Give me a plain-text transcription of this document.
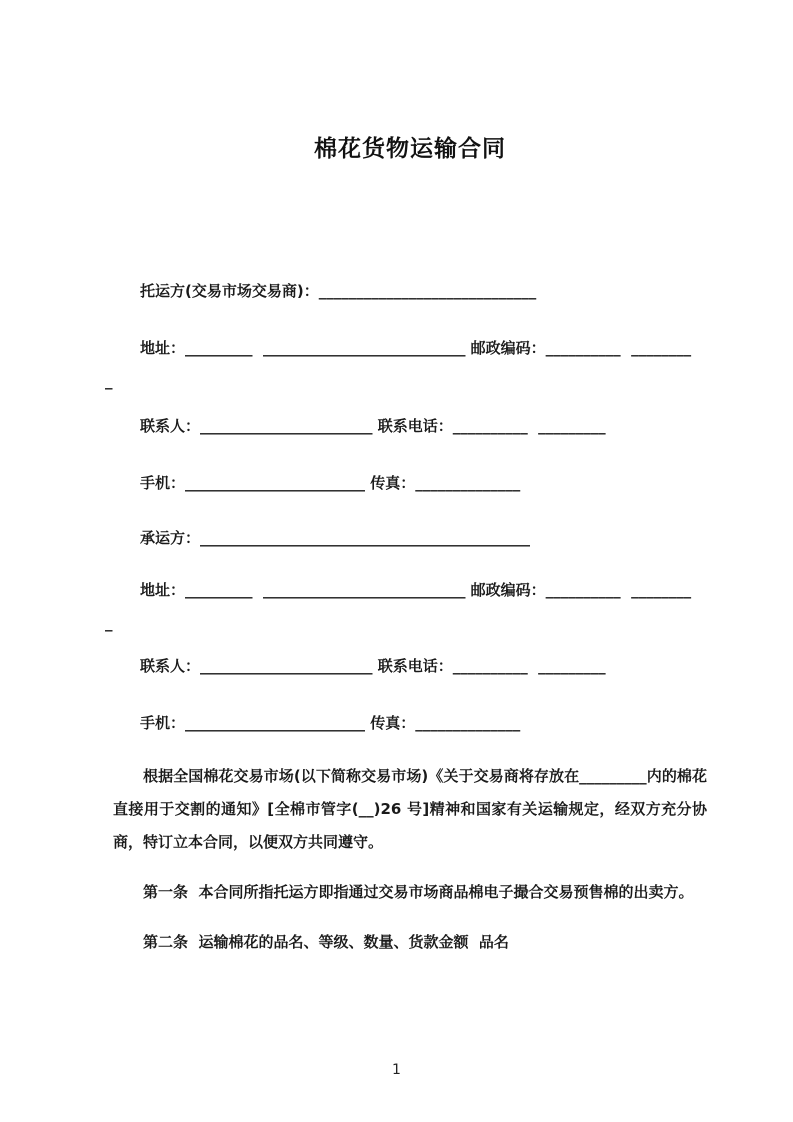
棉花货物运输合同
托运方(交易市场交易商)：_____________________________
地址：_________  ___________________________ 邮政编码：__________  ________
_
联系人：_______________________ 联系电话：__________  _________
手机：________________________ 传真：______________
承运方：____________________________________________
地址：_________  ___________________________ 邮政编码：__________  ________
_
联系人：_______________________ 联系电话：__________  _________
手机：________________________ 传真：______________

根据全国棉花交易市场(以下简称交易市场)《关于交易商将存放在_________内的棉花直接用于交割的通知》[全棉市管字(__)26 号]精神和国家有关运输规定，经双方充分协商，特订立本合同，以便双方共同遵守。

第一条  本合同所指托运方即指通过交易市场商品棉电子撮合交易预售棉的出卖方。

第二条  运输棉花的品名、等级、数量、货款金额  品名

1
